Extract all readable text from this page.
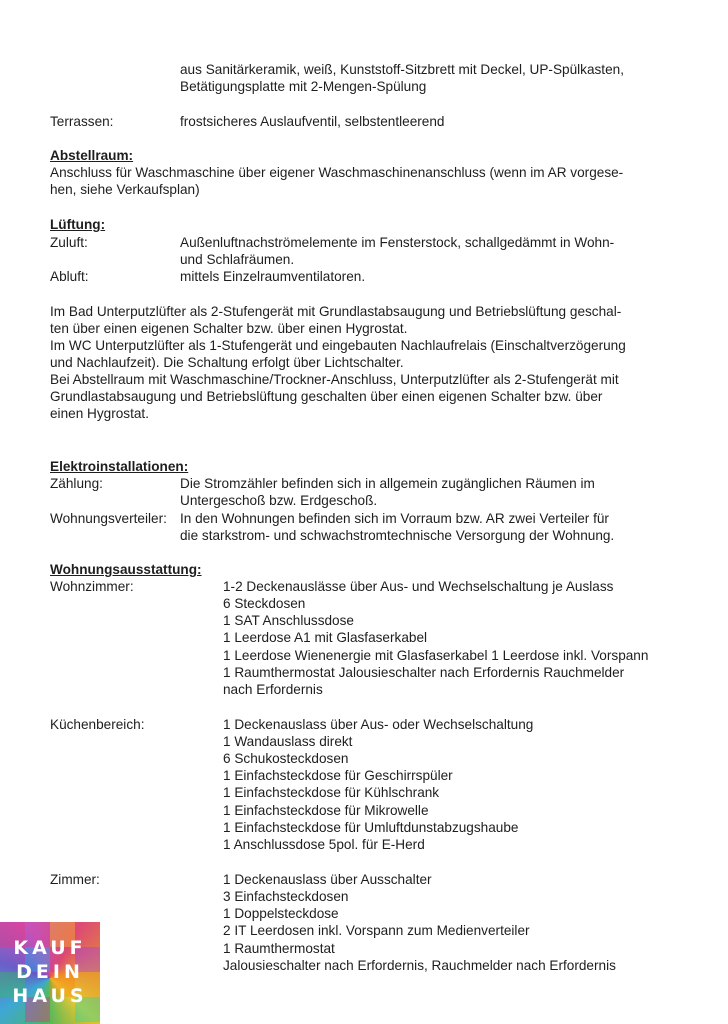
aus Sanitärkeramik, weiß, Kunststoff-Sitzbrett mit Deckel, UP-Spülkasten,
Betätigungsplatte mit 2-Mengen-Spülung
Terrassen:	frostsicheres Auslaufventil, selbstentleerend
Abstellraum:
Anschluss für Waschmaschine über eigener Waschmaschinenanschluss (wenn im AR vorgese-
hen, siehe Verkaufsplan)
Lüftung:
Zuluft:	Außenluftnachströmelemente im Fensterstock, schallgedämmt in Wohn-
und Schlafräumen.
Abluft:	mittels Einzelraumventilatoren.
Im Bad Unterputzlüfter als 2-Stufengerät mit Grundlastabsaugung und Betriebslüftung geschal-
ten über einen eigenen Schalter bzw. über einen Hygrostat.
Im WC Unterputzlüfter als 1-Stufengerät und eingebauten Nachlaufrelais (Einschaltverzögerung
und Nachlaufzeit). Die Schaltung erfolgt über Lichtschalter.
Bei Abstellraum mit Waschmaschine/Trockner-Anschluss, Unterputzlüfter als 2-Stufengerät mit
Grundlastabsaugung und Betriebslüftung geschalten über einen eigenen Schalter bzw. über
einen Hygrostat.
Elektroinstallationen:
Zählung:	Die Stromzähler befinden sich in allgemein zugänglichen Räumen im
Untergeschoß bzw. Erdgeschoß.
Wohnungsverteiler: In den Wohnungen befinden sich im Vorraum bzw. AR zwei Verteiler für
die starkstrom- und schwachstromtechnische Versorgung der Wohnung.
Wohnungsausstattung:
Wohnzimmer:	1-2 Deckenauslässe über Aus- und Wechselschaltung je Auslass
6 Steckdosen
1 SAT Anschlussdose
1 Leerdose A1 mit Glasfaserkabel
1 Leerdose Wienenergie mit Glasfaserkabel 1 Leerdose inkl. Vorspann
1 Raumthermostat Jalousieschalter nach Erfordernis Rauchmelder
nach Erfordernis
Küchenbereich:	1 Deckenauslass über Aus- oder Wechselschaltung
1 Wandauslass direkt
6 Schukosteckdosen
1 Einfachsteckdose für Geschirrspüler
1 Einfachsteckdose für Kühlschrank
1 Einfachsteckdose für Mikrowelle
1 Einfachsteckdose für Umluftdunstabzugshaube
1 Anschlussdose 5pol. für E-Herd
Zimmer:	1 Deckenauslass über Ausschalter
3 Einfachsteckdosen
1 Doppelsteckdose
2 IT Leerdosen inkl. Vorspann zum Medienverteiler
1 Raumthermostat
Jalousieschalter nach Erfordernis, Rauchmelder nach Erfordernis
KAUF
DEIN
HAUS
